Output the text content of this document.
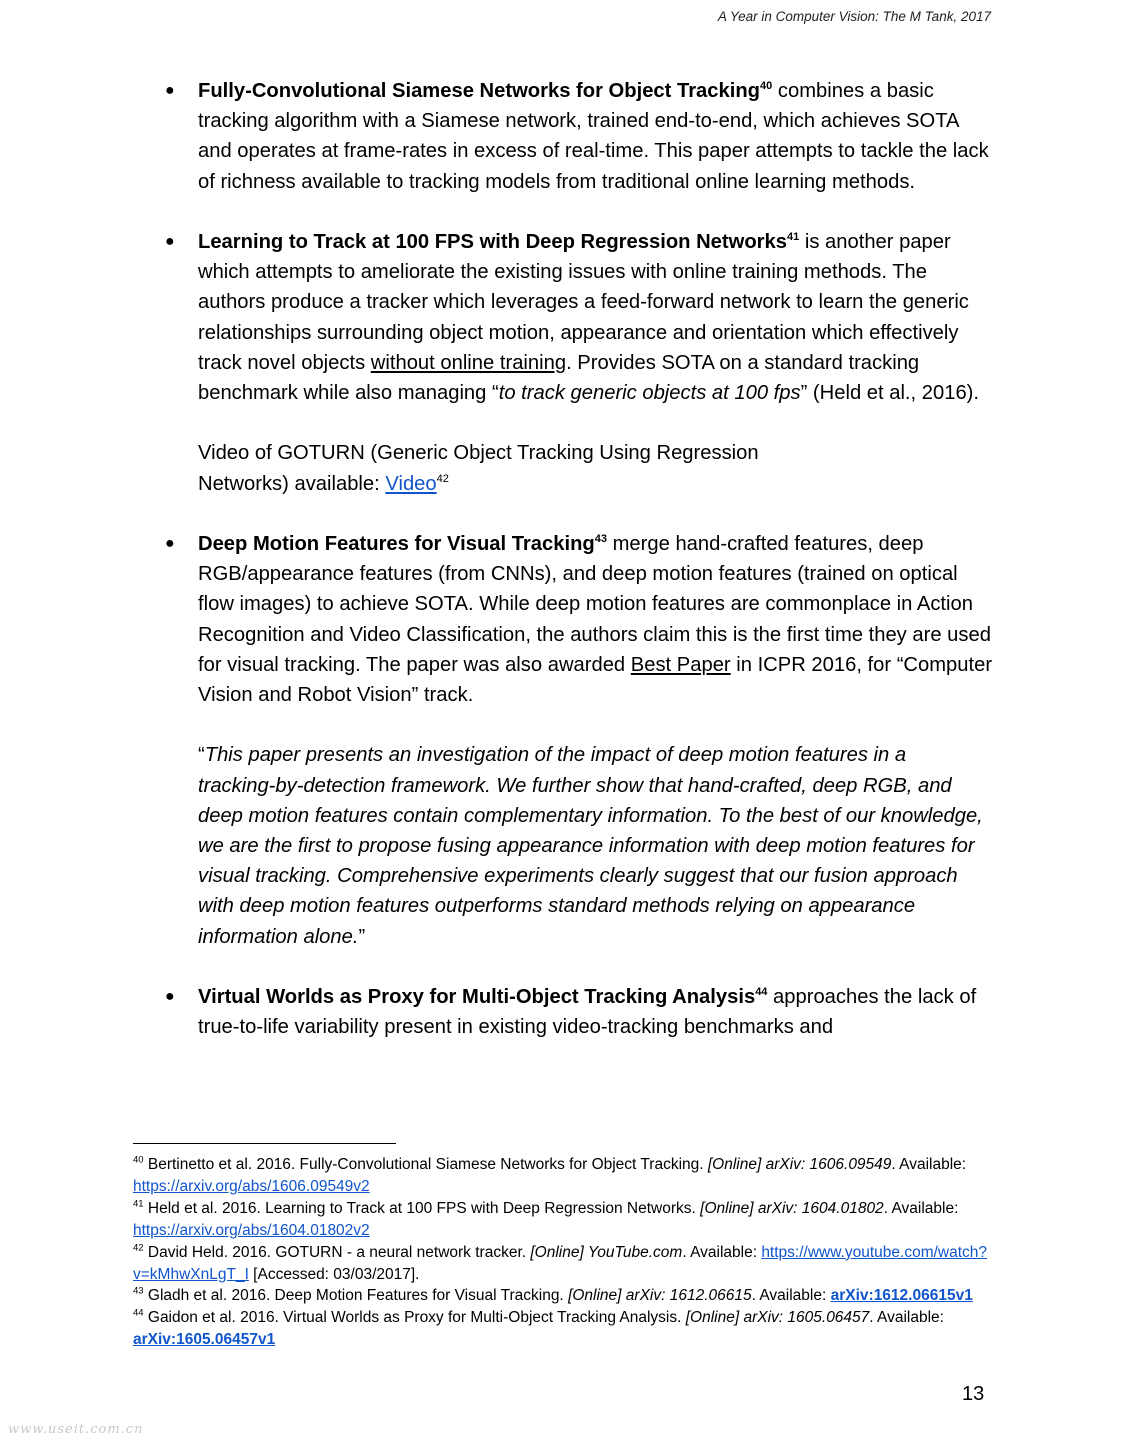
A Year in Computer Vision: The M Tank, 2017
● Fully-Convolutional Siamese Networks for Object Tracking$^{40}$ combines a basic tracking algorithm with a Siamese network, trained end-to-end, which achieves SOTA and operates at frame-rates in excess of real-time. This paper attempts to tackle the lack of richness available to tracking models from traditional online learning methods.

● Learning to Track at 100 FPS with Deep Regression Networks$^{41}$ is another paper which attempts to ameliorate the existing issues with online training methods. The authors produce a tracker which leverages a feed-forward network to learn the generic relationships surrounding object motion, appearance and orientation which effectively track novel objects without online training. Provides SOTA on a standard tracking benchmark while also managing “to track generic objects at 100 fps” (Held et al., 2016).

Video of GOTURN (Generic Object Tracking Using Regression Networks) available: Video$^{42}$
● Deep Motion Features for Visual Tracking$^{43}$ merge hand-crafted features, deep RGB/appearance features (from CNNs), and deep motion features (trained on optical flow images) to achieve SOTA. While deep motion features are commonplace in Action Recognition and Video Classification, the authors claim this is the first time they are used for visual tracking. The paper was also awarded Best Paper in ICPR 2016, for “Computer Vision and Robot Vision” track.

“This paper presents an investigation of the impact of deep motion features in a tracking-by-detection framework. We further show that hand-crafted, deep RGB, and deep motion features contain complementary information. To the best of our knowledge, we are the first to propose fusing appearance information with deep motion features for visual tracking. Comprehensive experiments clearly suggest that our fusion approach with deep motion features outperforms standard methods relying on appearance information alone.”
● Virtual Worlds as Proxy for Multi-Object Tracking Analysis$^{44}$ approaches the lack of true-to-life variability present in existing video-tracking benchmarks and

$^{40}$ Bertinetto et al. 2016. Fully-Convolutional Siamese Networks for Object Tracking. [Online] arXiv: 1606.09549. Available: https://arxiv.org/abs/1606.09549v2

$^{41}$ Held et al. 2016. Learning to Track at 100 FPS with Deep Regression Networks. [Online] arXiv: 1604.01802. Available: https://arxiv.org/abs/1604.01802v2

$^{42}$ David Held. 2016. GOTURN - a neural network tracker. [Online] YouTube.com. Available: https://www.youtube.com/watch?v=kMhwXnLgT_I [Accessed: 03/03/2017].

$^{43}$ Gladh et al. 2016. Deep Motion Features for Visual Tracking. [Online] arXiv: 1612.06615. Available: arXiv:1612.06615v1

$^{44}$ Gaidon et al. 2016. Virtual Worlds as Proxy for Multi-Object Tracking Analysis. [Online] arXiv: 1605.06457. Available: arXiv:1605.06457v1

13
www.useit.com.cn
